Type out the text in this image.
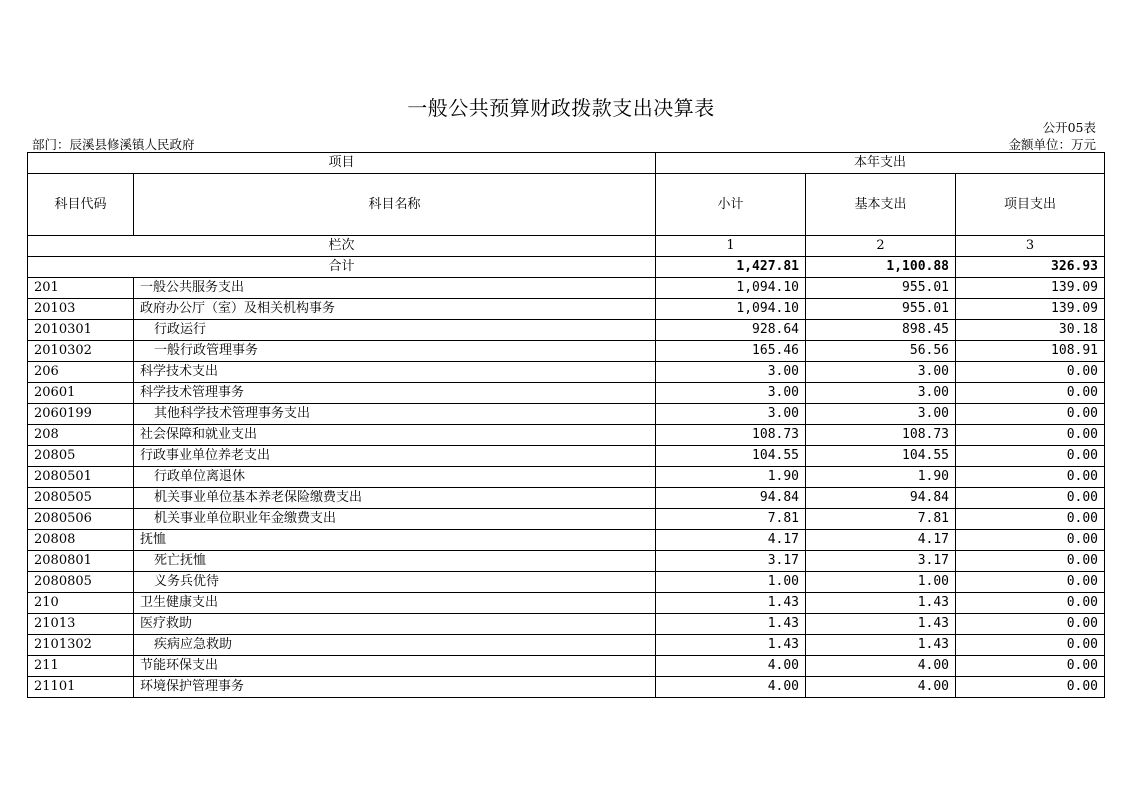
一般公共预算财政拨款支出决算表
公开05表
部门：辰溪县修溪镇人民政府	金额单位：万元
项目		本年支出		
科目代码	科目名称	小计	基本支出	项目支出
栏次		1	2	3
合计		1,427.81	1,100.88	326.93
201	一般公共服务支出	1,094.10	955.01	139.09
20103	政府办公厅（室）及相关机构事务	1,094.10	955.01	139.09
2010301	行政运行	928.64	898.45	30.18
2010302	一般行政管理事务	165.46	56.56	108.91
206	科学技术支出	3.00	3.00	0.00
20601	科学技术管理事务	3.00	3.00	0.00
2060199	其他科学技术管理事务支出	3.00	3.00	0.00
208	社会保障和就业支出	108.73	108.73	0.00
20805	行政事业单位养老支出	104.55	104.55	0.00
2080501	行政单位离退休	1.90	1.90	0.00
2080505	机关事业单位基本养老保险缴费支出	94.84	94.84	0.00
2080506	机关事业单位职业年金缴费支出	7.81	7.81	0.00
20808	抚恤	4.17	4.17	0.00
2080801	死亡抚恤	3.17	3.17	0.00
2080805	义务兵优待	1.00	1.00	0.00
210	卫生健康支出	1.43	1.43	0.00
21013	医疗救助	1.43	1.43	0.00
2101302	疾病应急救助	1.43	1.43	0.00
211	节能环保支出	4.00	4.00	0.00
21101	环境保护管理事务	4.00	4.00	0.00
